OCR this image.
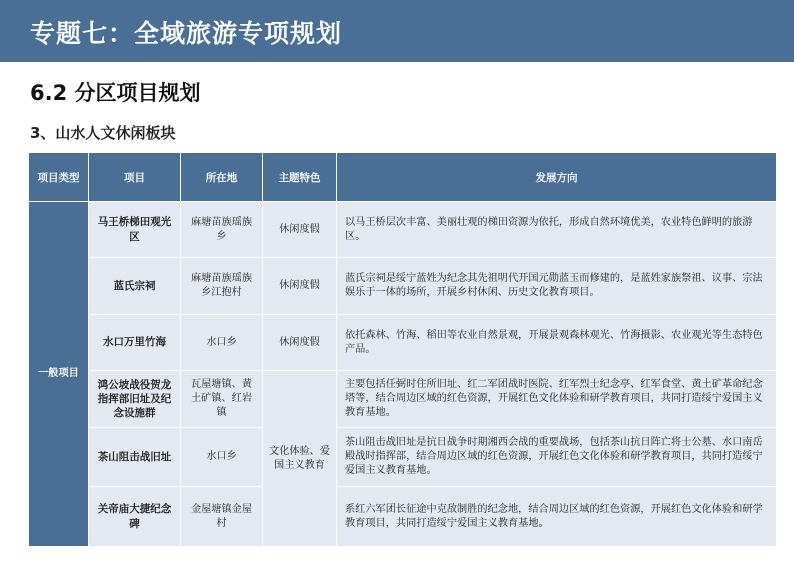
专题七：全域旅游专项规划
6.2 分区项目规划
3、山水人文休闲板块
项目类型	项目	所在地	主题特色	发展方向
一般项目	马王桥梯田观光区	麻塘苗族瑶族乡	休闲度假	以马王桥层次丰富、美丽壮观的梯田资源为依托，形成自然环境优美，农业特色鲜明的旅游区。
	蓝氏宗祠	麻塘苗族瑶族乡江抱村	休闲度假	蓝氏宗祠是绥宁蓝姓为纪念其先祖明代开国元勋蓝玉而修建的，是蓝姓家族祭祖、议事、宗法娱乐于一体的场所，开展乡村休闲、历史文化教育项目。
	水口万里竹海	水口乡	休闲度假	依托森林、竹海、稻田等农业自然景观，开展景观森林观光、竹海摄影、农业观光等生态特色产品。
	鸿公坡战役贺龙指挥部旧址及纪念设施群	瓦屋塘镇、黄土矿镇、红岩镇	文化体验、爱国主义教育	主要包括任弼时住所旧址、红二军团战时医院、红军烈士纪念亭、红军食堂、黄土矿革命纪念塔等，结合周边区域的红色资源，开展红色文化体验和研学教育项目，共同打造绥宁爱国主义教育基地。
	茶山阻击战旧址	水口乡		茶山阻击战旧址是抗日战争时期湘西会战的重要战场，包括茶山抗日阵亡将士公墓、水口南岳殿战时指挥部，结合周边区域的红色资源，开展红色文化体验和研学教育项目，共同打造绥宁爱国主义教育基地。
	关帝庙大捷纪念碑	金屋塘镇金屋村		系红六军团长征途中克敌制胜的纪念地，结合周边区域的红色资源，开展红色文化体验和研学教育项目，共同打造绥宁爱国主义教育基地。
